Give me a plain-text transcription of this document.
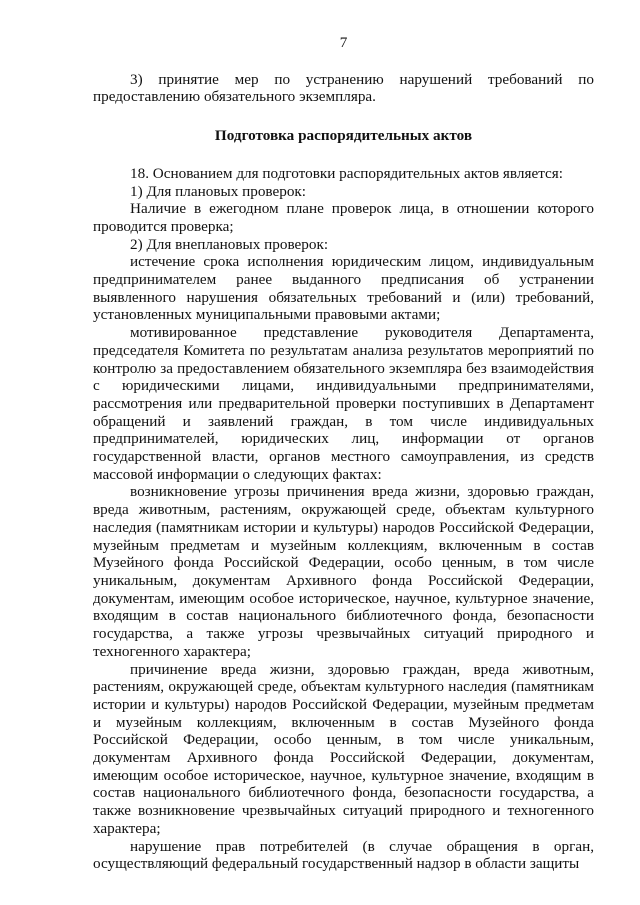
7

3) принятие мер по устранению нарушений требований по предоставлению обязательного экземпляра.

Подготовка распорядительных актов

18. Основанием для подготовки распорядительных актов является:

1) Для плановых проверок:

Наличие в ежегодном плане проверок лица, в отношении которого проводится проверка;

2) Для внеплановых проверок:

истечение срока исполнения юридическим лицом, индивидуальным предпринимателем ранее выданного предписания об устранении выявленного нарушения обязательных требований и (или) требований, установленных муниципальными правовыми актами;

мотивированное представление руководителя Департамента, председателя Комитета по результатам анализа результатов мероприятий по контролю за предоставлением обязательного экземпляра без взаимодействия с юридическими лицами, индивидуальными предпринимателями, рассмотрения или предварительной проверки поступивших в Департамент обращений и заявлений граждан, в том числе индивидуальных предпринимателей, юридических лиц, информации от органов государственной власти, органов местного самоуправления, из средств массовой информации о следующих фактах:

возникновение угрозы причинения вреда жизни, здоровью граждан, вреда животным, растениям, окружающей среде, объектам культурного наследия (памятникам истории и культуры) народов Российской Федерации, музейным предметам и музейным коллекциям, включенным в состав Музейного фонда Российской Федерации, особо ценным, в том числе уникальным, документам Архивного фонда Российской Федерации, документам, имеющим особое историческое, научное, культурное значение, входящим в состав национального библиотечного фонда, безопасности государства, а также угрозы чрезвычайных ситуаций природного и техногенного характера;

причинение вреда жизни, здоровью граждан, вреда животным, растениям, окружающей среде, объектам культурного наследия (памятникам истории и культуры) народов Российской Федерации, музейным предметам и музейным коллекциям, включенным в состав Музейного фонда Российской Федерации, особо ценным, в том числе уникальным, документам Архивного фонда Российской Федерации, документам, имеющим особое историческое, научное, культурное значение, входящим в состав национального библиотечного фонда, безопасности государства, а также возникновение чрезвычайных ситуаций природного и техногенного характера;

нарушение прав потребителей (в случае обращения в орган, осуществляющий федеральный государственный надзор в области защиты
